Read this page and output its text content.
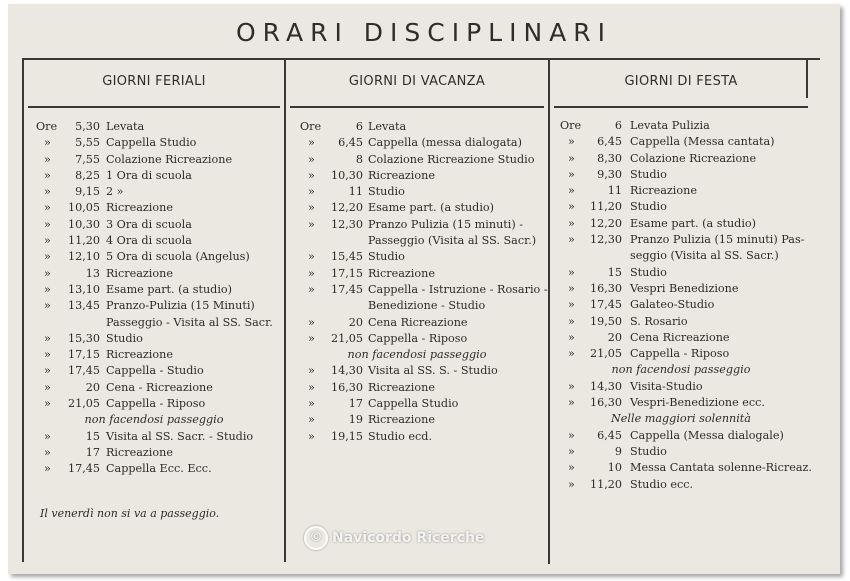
ORARI DISCIPLINARI
GIORNI FERIALI
Ore	5,30 Levata
»	5,55 Cappella Studio
»	7,55 Colazione Ricreazione
»	8,25 1 Ora di scuola
»	9,15 2 »
»	10,05 Ricreazione
»	10,30 3 Ora di scuola
»	11,20 4 Ora di scuola
»	12,10 5 Ora di scuola (Angelus)
»	13 Ricreazione
»	13,10 Esame part. (a studio)
»	13,45 Pranzo-Pulizia (15 Minuti)
Passeggio - Visita al SS. Sacr.
»	15,30 Studio
»	17,15 Ricreazione
»	17,45 Cappella - Studio
»	20 Cena - Ricreazione
»	21,05 Cappella - Riposo
non facendosi passeggio
»	15 Visita al SS. Sacr. - Studio
»	17 Ricreazione
»	17,45 Cappella Ecc. Ecc.
Il venerdì non si va a passeggio.
GIORNI DI VACANZA
Ore	6 Levata
»	6,45 Cappella (messa dialogata)
»	8 Colazione Ricreazione Studio
»	10,30 Ricreazione
»	11 Studio
»	12,20 Esame part. (a studio)
»	12,30 Pranzo Pulizia (15 minuti) -
Passeggio (Visita al SS. Sacr.)
»	15,45 Studio
»	17,15 Ricreazione
»	17,45 Cappella - Istruzione - Rosario -
Benedizione - Studio
»	20 Cena Ricreazione
»	21,05 Cappella - Riposo
non facendosi passeggio
»	14,30 Visita al SS. S. - Studio
»	16,30 Ricreazione
»	17 Cappella Studio
»	19 Ricreazione
»	19,15 Studio ecd.
GIORNI DI FESTA
Ore	6 Levata Pulizia
»	6,45 Cappella (Messa cantata)
»	8,30 Colazione Ricreazione
»	9,30 Studio
»	11 Ricreazione
»	11,20 Studio
»	12,20 Esame part. (a studio)
»	12,30 Pranzo Pulizia (15 minuti) Pas-
seggio (Visita al SS. Sacr.)
»	15 Studio
»	16,30 Vespri Benedizione
»	17,45 Galateo-Studio
»	19,50 S. Rosario
»	20 Cena Ricreazione
»	21,05 Cappella - Riposo
non facendosi passeggio
»	14,30 Visita-Studio
»	16,30 Vespri-Benedizione ecc.
Nelle maggiori solennità
»	6,45 Cappella (Messa dialogale)
»	9 Studio
»	10 Messa Cantata solenne-Ricreaz.
»	11,20 Studio ecc.
© Navicordo Ricerche
